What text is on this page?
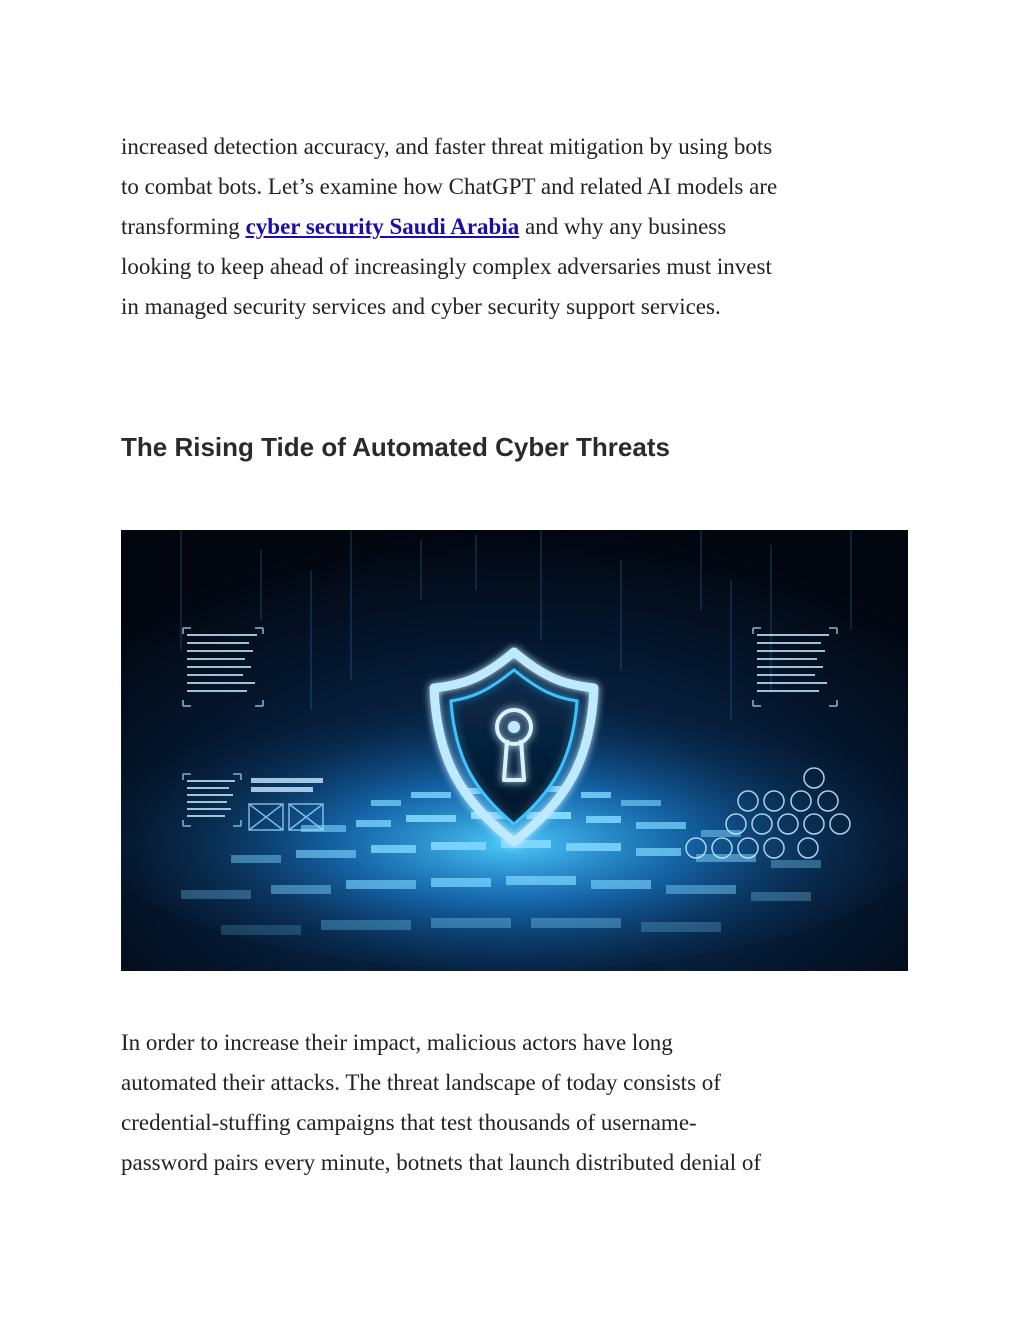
increased detection accuracy, and faster threat mitigation by using bots
to combat bots. Let’s examine how ChatGPT and related AI models are
transforming cyber security Saudi Arabia and why any business
looking to keep ahead of increasingly complex adversaries must invest
in managed security services and cyber security support services.

The Rising Tide of Automated Cyber Threats

In order to increase their impact, malicious actors have long
automated their attacks. The threat landscape of today consists of
credential-stuffing campaigns that test thousands of username-
password pairs every minute, botnets that launch distributed denial of
